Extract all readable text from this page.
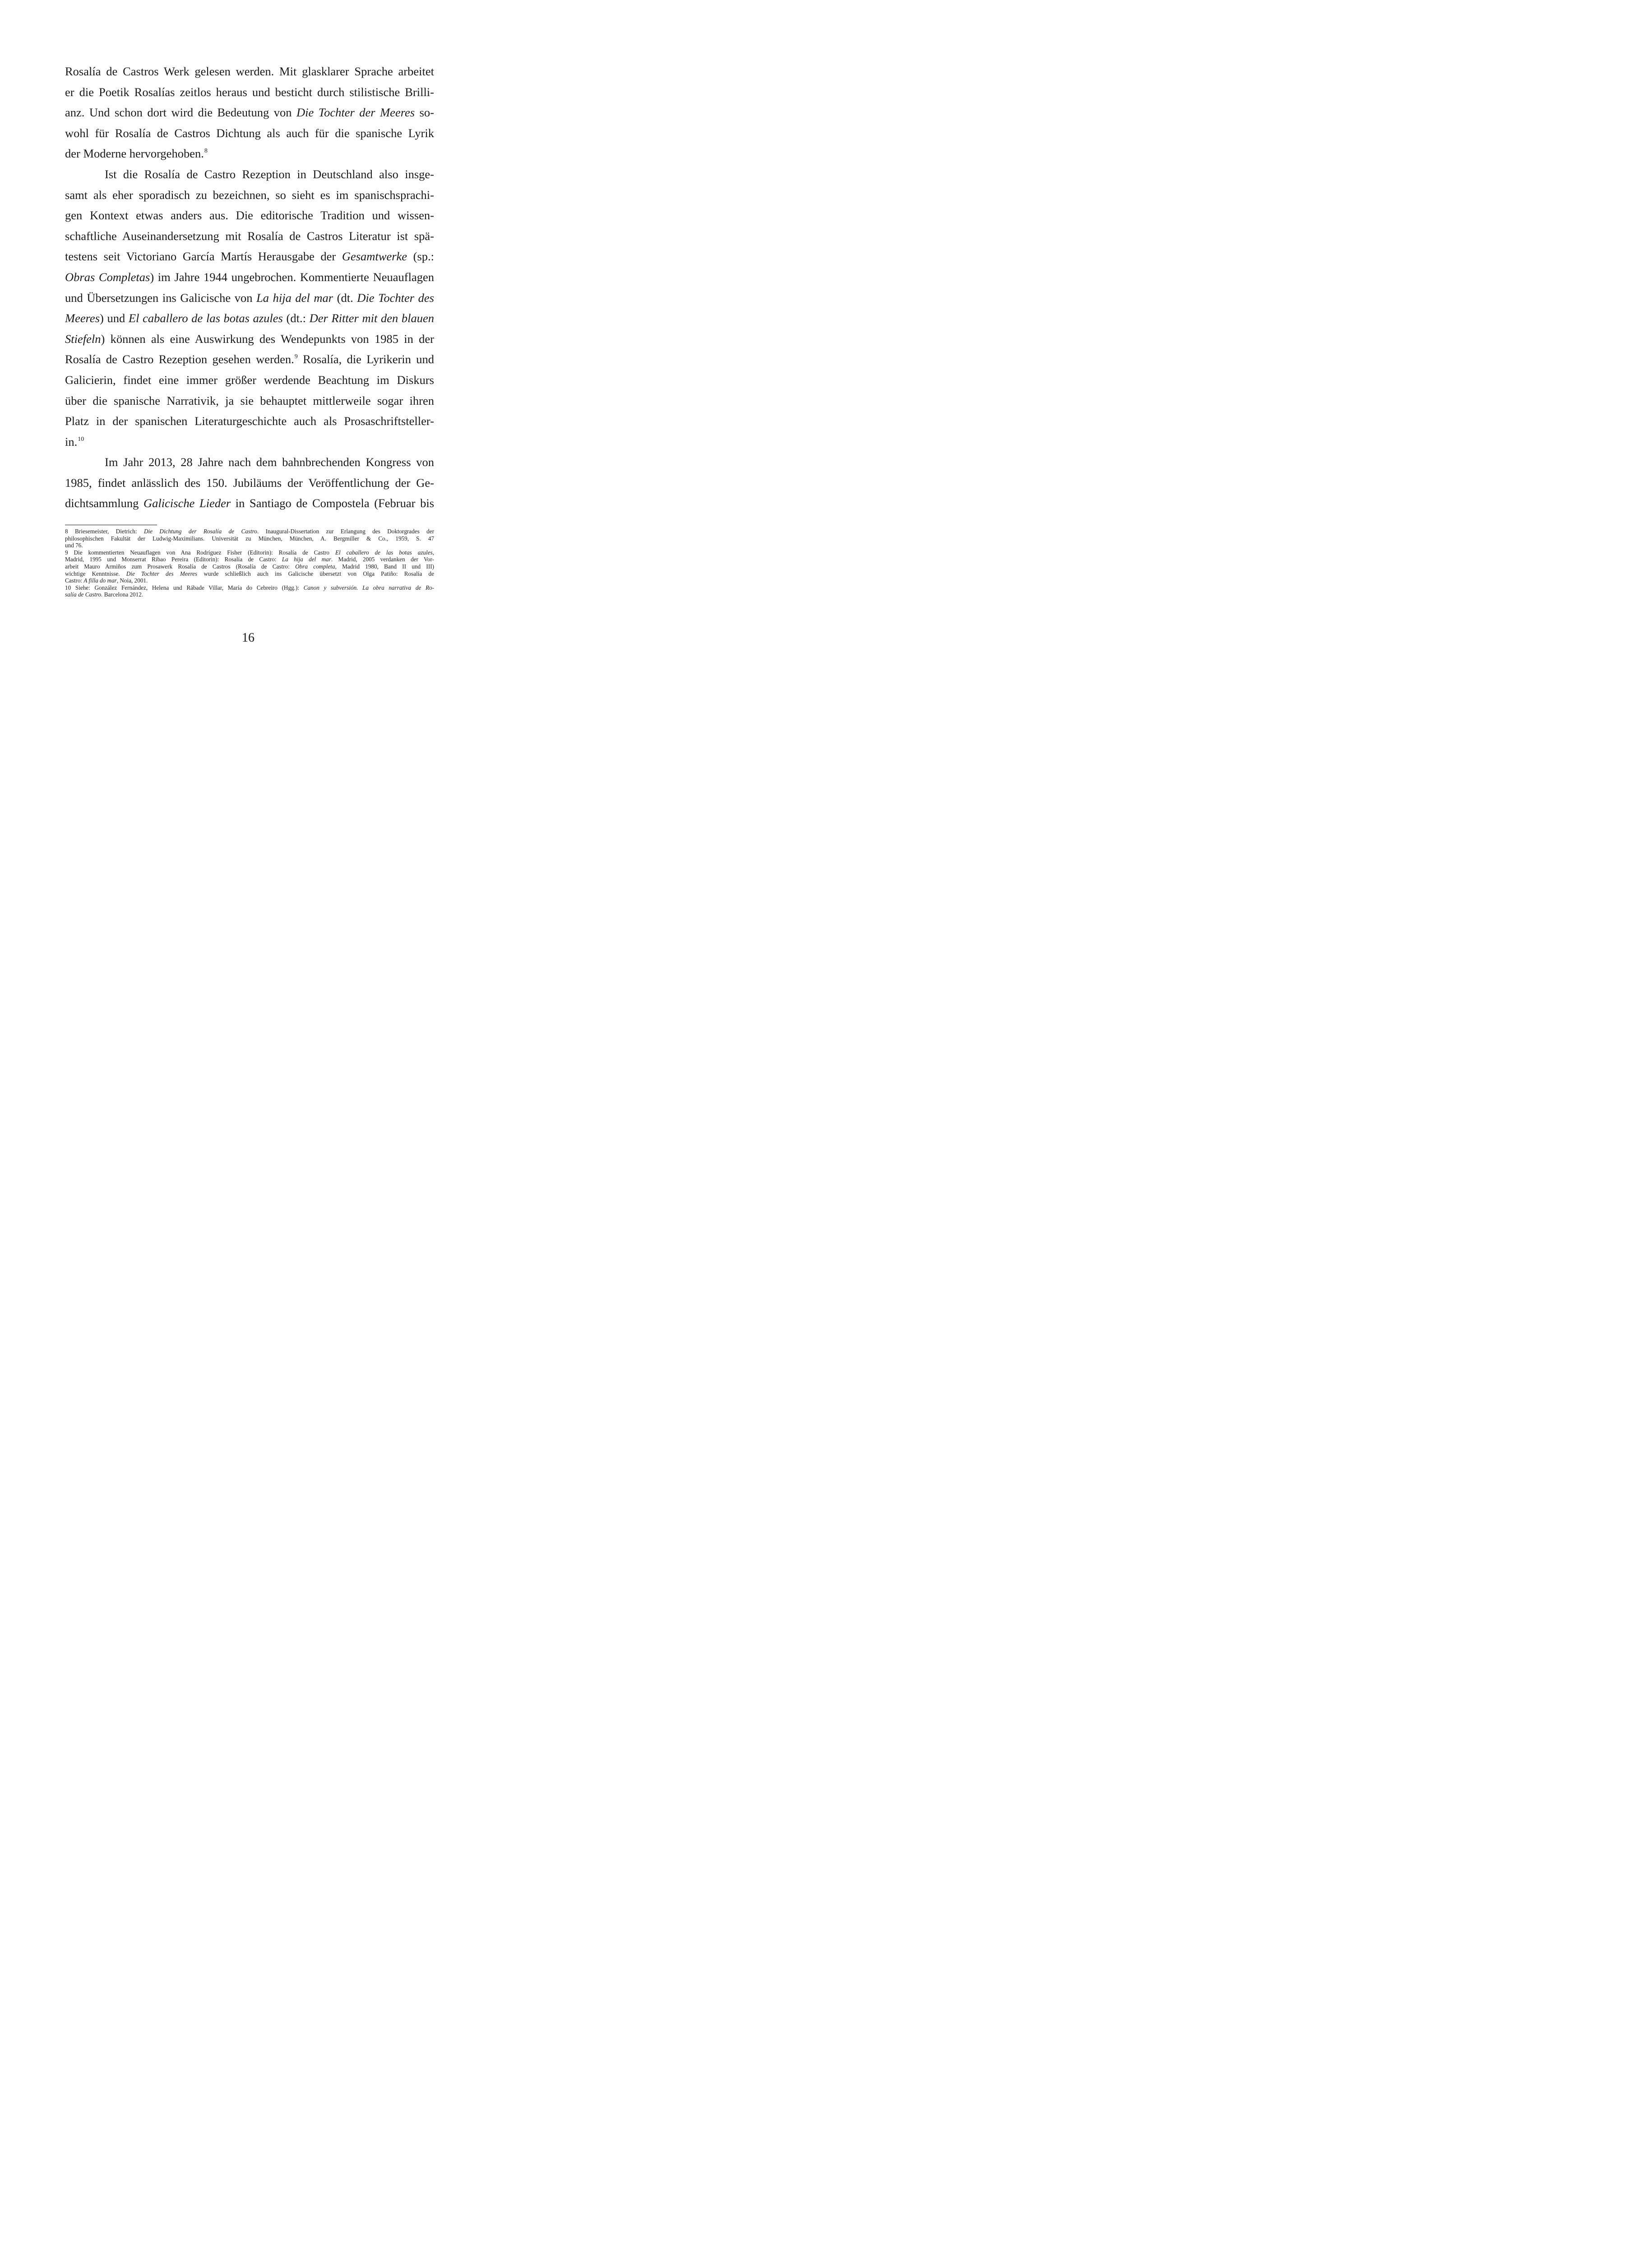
Rosalía de Castros Werk gelesen werden. Mit glasklarer Sprache arbeitet
er die Poetik Rosalías zeitlos heraus und besticht durch stilistische Brilli-
anz. Und schon dort wird die Bedeutung von Die Tochter der Meeres so-
wohl für Rosalía de Castros Dichtung als auch für die spanische Lyrik
der Moderne hervorgehoben.$^8$
Ist die Rosalía de Castro Rezeption in Deutschland also insge-
samt als eher sporadisch zu bezeichnen, so sieht es im spanischsprachi-
gen Kontext etwas anders aus. Die editorische Tradition und wissen-
schaftliche Auseinandersetzung mit Rosalía de Castros Literatur ist spä-
testens seit Victoriano García Martís Herausgabe der Gesamtwerke (sp.:
Obras Completas) im Jahre 1944 ungebrochen. Kommentierte Neuauflagen
und Übersetzungen ins Galicische von La hija del mar (dt. Die Tochter des
Meeres) und El caballero de las botas azules (dt.: Der Ritter mit den blauen
Stiefeln) können als eine Auswirkung des Wendepunkts von 1985 in der
Rosalía de Castro Rezeption gesehen werden.$^9$ Rosalía, die Lyrikerin und
Galicierin, findet eine immer größer werdende Beachtung im Diskurs
über die spanische Narrativik, ja sie behauptet mittlerweile sogar ihren
Platz in der spanischen Literaturgeschichte auch als Prosaschriftsteller-
in.$^{10}$
Im Jahr 2013, 28 Jahre nach dem bahnbrechenden Kongress von
1985, findet anlässlich des 150. Jubiläums der Veröffentlichung der Ge-
dichtsammlung Galicische Lieder in Santiago de Compostela (Februar bis
8 Briesemeister, Dietrich: Die Dichtung der Rosalía de Castro. Inaugural-Dissertation zur Erlangung des Doktorgrades der
philosophischen Fakultät der Ludwig-Maximilians. Universität zu München, München, A. Bergmiller & Co., 1959, S. 47
und 76.
9 Die kommentierten Neuauflagen von Ana Rodríguez Fisher (Editorin): Rosalía de Castro El caballero de las botas azules,
Madrid, 1995 und Monserrat Ribao Pereira (Editorin): Rosalía de Castro: La hija del mar. Madrid, 2005 verdanken der Vor-
arbeit Mauro Armiños zum Prosawerk Rosalía de Castros (Rosalía de Castro: Obra completa, Madrid 1980, Band II und III)
wichtige Kenntnisse. Die Tochter des Meeres wurde schließlich auch ins Galicische übersetzt von Olga Patiño: Rosalía de
Castro: A filla do mar, Noia, 2001.
10 Siehe: González Fernández, Helena und Rábade Villar, María do Cebreiro (Hgg.): Canon y subversión. La obra narrativa de Ro-
salía de Castro. Barcelona 2012.
16
